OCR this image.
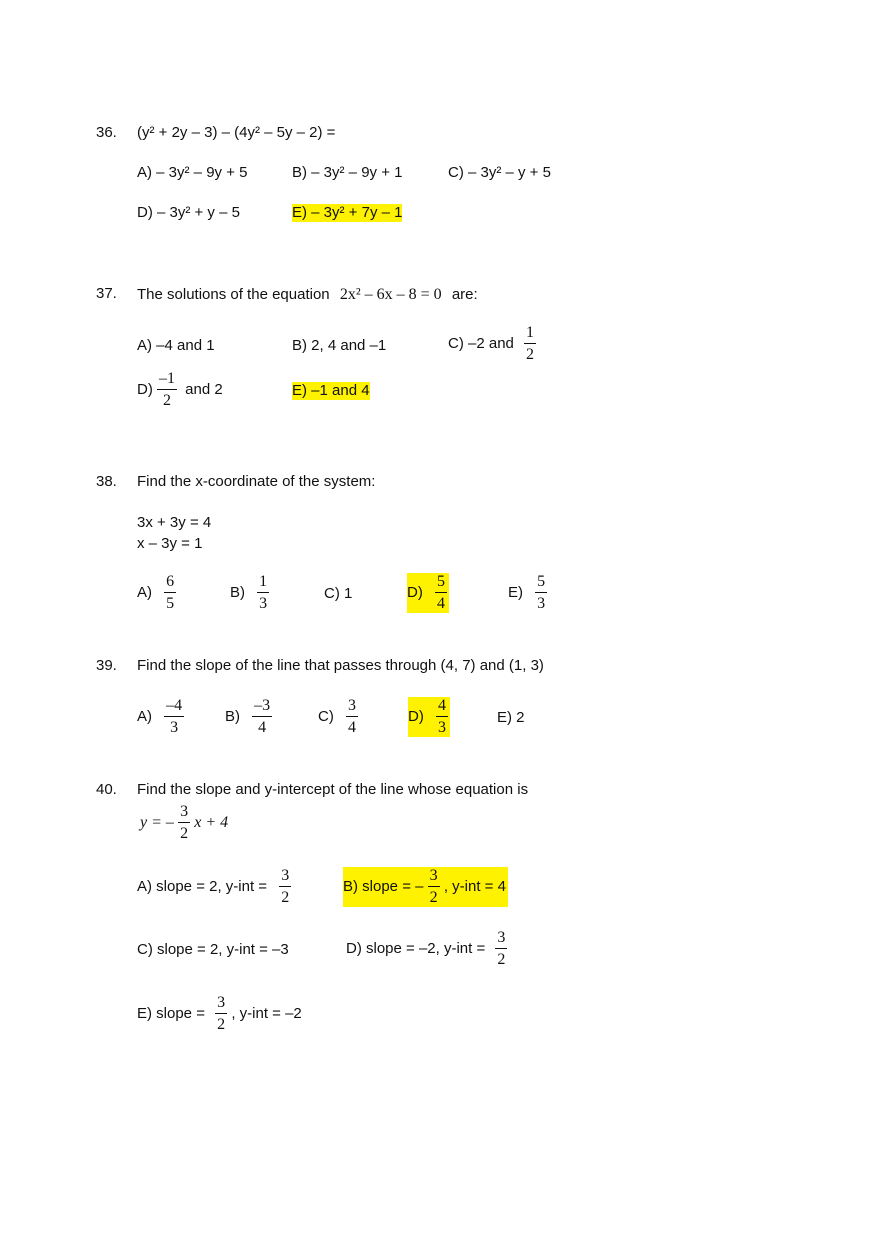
36. (y² + 2y – 3) – (4y² – 5y – 2) =
A) – 3y² – 9y + 5	B) – 3y² – 9y + 1	C) – 3y² – y + 5
D) – 3y² + y – 5	E) – 3y² + 7y – 1
37. The solutions of the equation 2x² – 6x – 8 = 0 are:
A) –4 and 1	B) 2, 4 and –1	C) –2 and $\frac{1}{2}$
$D) \frac{-1}{2}$ and 2	E) –1 and 4
38. Find the x-coordinate of the system:
3x + 3y = 4
x – 3y = 1
$A) \frac{6}{5}$	$B) \frac{1}{3}$	C) 1	$D) \frac{5}{4}$	$E) \frac{5}{3}$
39. Find the slope of the line that passes through (4, 7) and (1, 3)
$A) \frac{-4}{3}$	$B) \frac{-3}{4}$	$C) \frac{3}{4}$	$D) \frac{4}{3}$	E) 2
40. Find the slope and y-intercept of the line whose equation is
y = – $\frac{3}{2}$ x + 4
A) slope = 2, $y-int = \frac{3}{2}$	B) slope = – $\frac{3}{2}$ , y-int = 4
C) slope = 2, y-int = –3	D) slope = –2, $y-int = \frac{3}{2}$
E) slope = $\frac{3}{2}$ , y-int = –2
